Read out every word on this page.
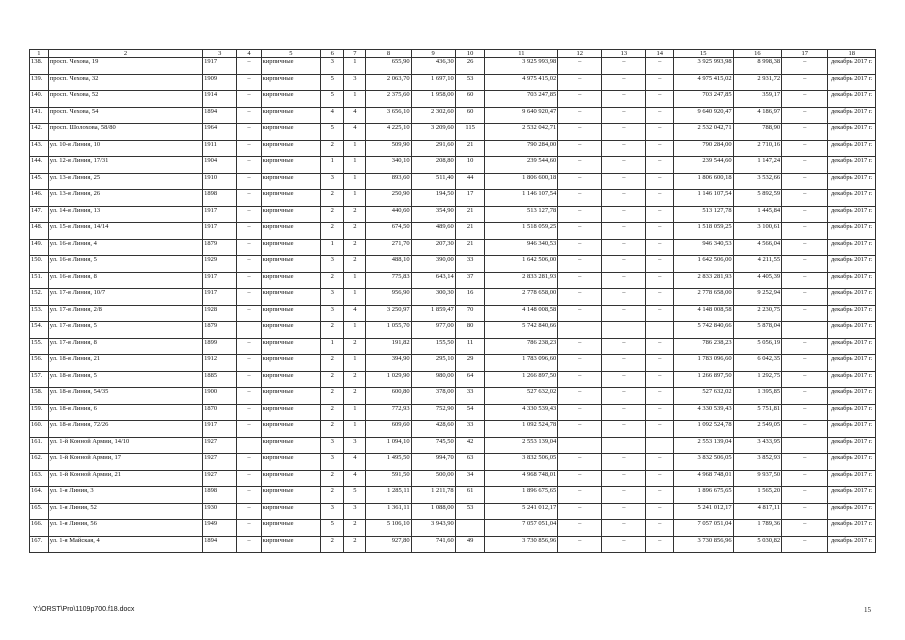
1	2	3	4	5	6	7	8	9	10	11	12	13	14	15	16	17	18
138.	просп. Чехова, 19	1917	–	кирпичные	3	1	655,90	436,30	26	3 925 993,98	–	–	–	3 925 993,98	8 998,38	–	декабрь 2017 г.
139.	просп. Чехова, 32	1909	–	кирпичные	5	3	2 063,70	1 697,10	53	4 975 415,02	–	–	–	4 975 415,02	2 931,72	–	декабрь 2017 г.
140.	просп. Чехова, 52	1914	–	кирпичные	5	1	2 375,60	1 958,00	60	703 247,85	–	–	–	703 247,85	359,17	–	декабрь 2017 г.
141.	просп. Чехова, 54	1894	–	кирпичные	4	4	3 656,10	2 302,60	60	9 640 920,47	–	–	–	9 640 920,47	4 186,97	–	декабрь 2017 г.
142.	просп. Шолохова, 58/80	1964	–	кирпичные	5	4	4 225,10	3 209,60	115	2 532 042,71	–	–	–	2 532 042,71	788,90	–	декабрь 2017 г.
143.	ул. 10-я Линия, 10	1911	–	кирпичные	2	1	509,90	291,60	21	790 284,00	–	–	–	790 284,00	2 710,16	–	декабрь 2017 г.
144.	ул. 12-я Линия, 17/31	1904	–	кирпичные	1	1	340,10	208,80	10	239 544,60	–	–	–	239 544,60	1 147,24	–	декабрь 2017 г.
145.	ул. 13-я Линия, 25	1910	–	кирпичные	3	1	893,60	511,40	44	1 806 600,18	–	–	–	1 806 600,18	3 532,66	–	декабрь 2017 г.
146.	ул. 13-я Линия, 26	1898	–	кирпичные	2	1	250,90	194,50	17	1 146 107,54	–	–	–	1 146 107,54	5 892,59	–	декабрь 2017 г.
147.	ул. 14-я Линия, 13	1917	–	кирпичные	2	2	440,60	354,90	21	513 127,78	–	–	–	513 127,78	1 445,84	–	декабрь 2017 г.
148.	ул. 15-я Линия, 14/14	1917	–	кирпичные	2	2	674,50	489,60	21	1 518 059,25	–	–	–	1 518 059,25	3 100,61	–	декабрь 2017 г.
149.	ул. 16-я Линия, 4	1879	–	кирпичные	1	2	271,70	207,30	21	946 340,53	–	–	–	946 340,53	4 566,04	–	декабрь 2017 г.
150.	ул. 16-я Линия, 5	1929	–	кирпичные	3	2	488,10	390,00	33	1 642 506,00	–	–	–	1 642 506,00	4 211,55	–	декабрь 2017 г.
151.	ул. 16-я Линия, 8	1917	–	кирпичные	2	1	775,83	643,14	37	2 833 281,93	–	–	–	2 833 281,93	4 405,39	–	декабрь 2017 г.
152.	ул. 17-я Линия, 10/7	1917	–	кирпичные	3	1	956,90	300,30	16	2 778 658,00	–	–	–	2 778 658,00	9 252,94	–	декабрь 2017 г.
153.	ул. 17-я Линия, 2/8	1928	–	кирпичные	3	4	3 250,97	1 859,47	70	4 148 008,58	–	–	–	4 148 008,58	2 230,75	–	декабрь 2017 г.
154.	ул. 17-я Линия, 5	1879		кирпичные	2	1	1 055,70	977,00	80	5 742 840,66				5 742 840,66	5 878,04		декабрь 2017 г.
155.	ул. 17-я Линия, 8	1899	–	кирпичные	1	2	191,82	155,50	11	786 238,23	–	–	–	786 238,23	5 056,19	–	декабрь 2017 г.
156.	ул. 18-я Линия, 21	1912	–	кирпичные	2	1	394,90	295,10	29	1 783 096,60	–	–	–	1 783 096,60	6 042,35	–	декабрь 2017 г.
157.	ул. 18-я Линия, 5	1885	–	кирпичные	2	2	1 029,90	980,00	64	1 266 897,50	–	–	–	1 266 897,50	1 292,75	–	декабрь 2017 г.
158.	ул. 18-я Линия, 54/35	1900	–	кирпичные	2	2	600,80	378,00	33	527 632,02	–	–	–	527 632,02	1 395,85	–	декабрь 2017 г.
159.	ул. 18-я Линия, 6	1870	–	кирпичные	2	1	772,93	752,90	54	4 330 539,43	–	–	–	4 330 539,43	5 751,81	–	декабрь 2017 г.
160.	ул. 18-я Линия, 72/26	1917	–	кирпичные	2	1	609,60	428,60	33	1 092 524,78	–	–	–	1 092 524,78	2 549,05	–	декабрь 2017 г.
161.	ул. 1-й Конной Армии, 14/10	1927		кирпичные	3	3	1 094,10	745,50	42	2 553 139,04				2 553 139,04	3 433,95		декабрь 2017 г.
162.	ул. 1-й Конной Армии, 17	1927	–	кирпичные	3	4	1 495,50	994,70	63	3 832 506,05	–	–	–	3 832 506,05	3 852,93	–	декабрь 2017 г.
163.	ул. 1-й Конной Армии, 21	1927	–	кирпичные	2	4	591,50	500,00	34	4 968 748,01	–	–	–	4 968 748,01	9 937,50	–	декабрь 2017 г.
164.	ул. 1-я Линия, 3	1898	–	кирпичные	2	5	1 285,11	1 211,78	61	1 896 675,65	–	–	–	1 896 675,65	1 565,20	–	декабрь 2017 г.
165.	ул. 1-я Линия, 52	1930	–	кирпичные	3	3	1 361,11	1 088,00	53	5 241 012,17	–	–	–	5 241 012,17	4 817,11	–	декабрь 2017 г.
166.	ул. 1-я Линия, 56	1949	–	кирпичные	5	2	5 106,10	3 943,90		7 057 051,04	–	–	–	7 057 051,04	1 789,36	–	декабрь 2017 г.
167.	ул. 1-я Майская, 4	1894	–	кирпичные	2	2	927,80	741,60	49	3 730 856,96	–	–	–	3 730 856,96	5 030,82	–	декабрь 2017 г.
Y:\ORST\Pro\1109p700.f18.docx	15
